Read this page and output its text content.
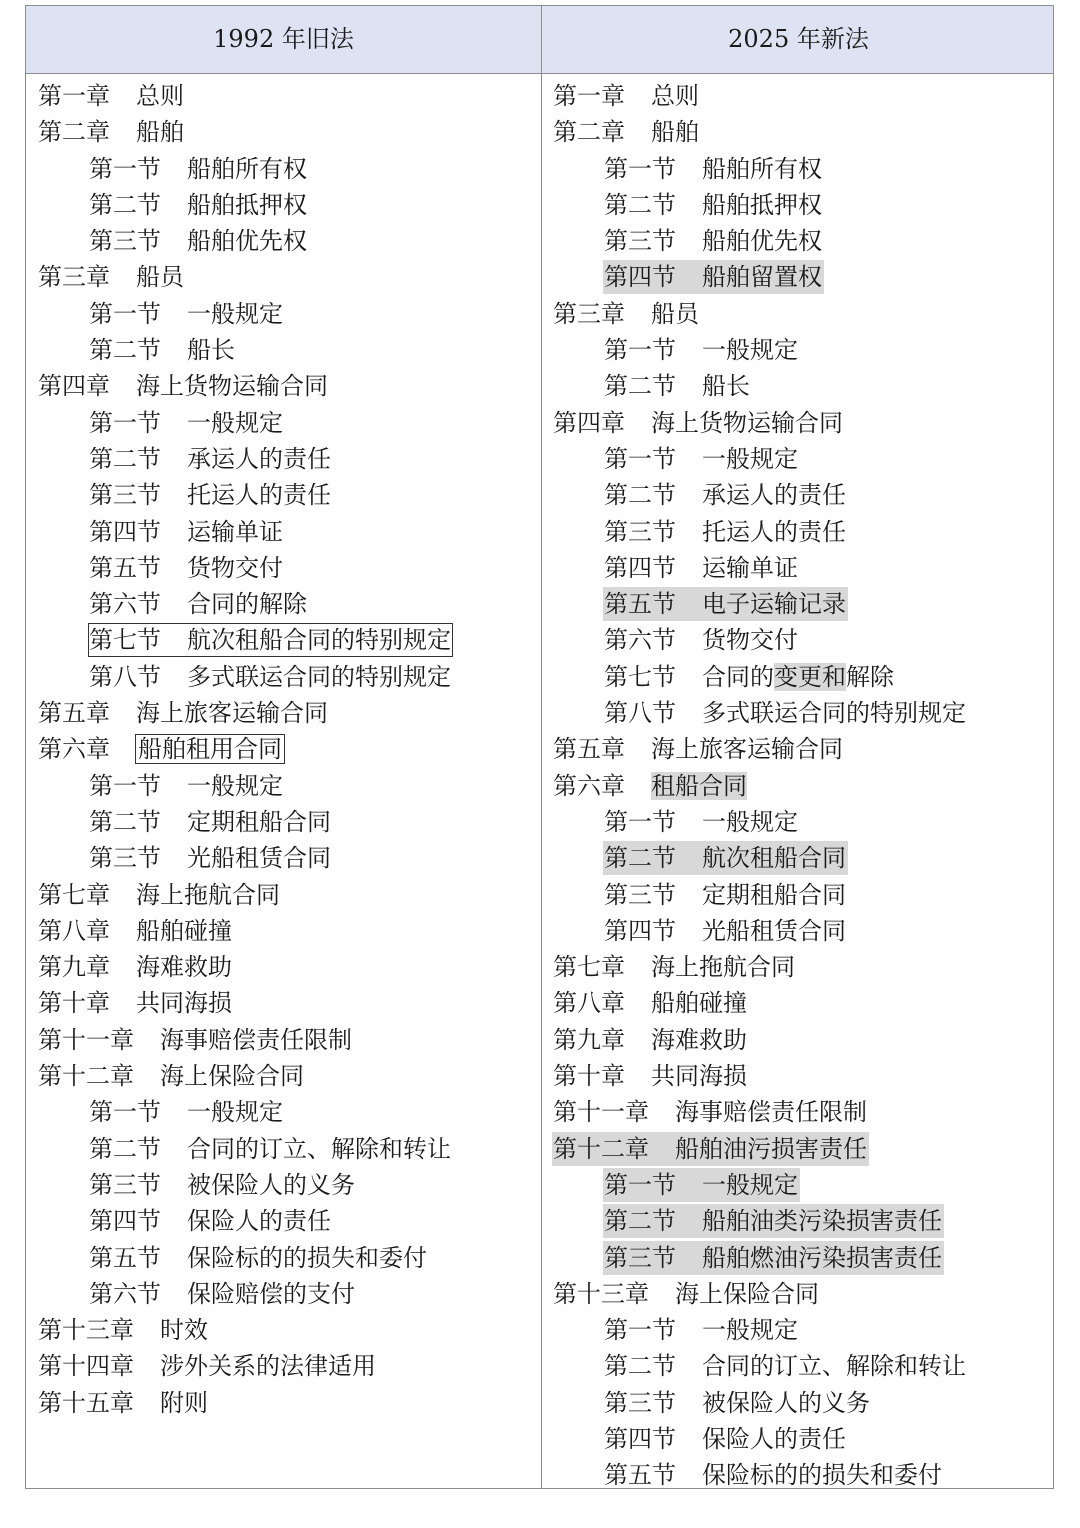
1992 年旧法	2025 年新法
第一章 总则
第二章 船舶
第一节 船舶所有权
第二节 船舶抵押权
第三节 船舶优先权
第三章 船员
第一节 一般规定
第二节 船长
第四章 海上货物运输合同
第一节 一般规定
第二节 承运人的责任
第三节 托运人的责任
第四节 运输单证
第五节 货物交付
第六节 合同的解除
第七节 航次租船合同的特别规定
第八节 多式联运合同的特别规定
第五章 海上旅客运输合同
第六章 船舶租用合同
第一节 一般规定
第二节 定期租船合同
第三节 光船租赁合同
第七章 海上拖航合同
第八章 船舶碰撞
第九章 海难救助
第十章 共同海损
第十一章 海事赔偿责任限制
第十二章 海上保险合同
第一节 一般规定
第二节 合同的订立、解除和转让
第三节 被保险人的义务
第四节 保险人的责任
第五节 保险标的的损失和委付
第六节 保险赔偿的支付
第十三章 时效
第十四章 涉外关系的法律适用
第十五章 附则
第一章 总则
第二章 船舶
第一节 船舶所有权
第二节 船舶抵押权
第三节 船舶优先权
第四节 船舶留置权
第三章 船员
第一节 一般规定
第二节 船长
第四章 海上货物运输合同
第一节 一般规定
第二节 承运人的责任
第三节 托运人的责任
第四节 运输单证
第五节 电子运输记录
第六节 货物交付
第七节 合同的变更和解除
第八节 多式联运合同的特别规定
第五章 海上旅客运输合同
第六章 租船合同
第一节 一般规定
第二节 航次租船合同
第三节 定期租船合同
第四节 光船租赁合同
第七章 海上拖航合同
第八章 船舶碰撞
第九章 海难救助
第十章 共同海损
第十一章 海事赔偿责任限制
第十二章 船舶油污损害责任
第一节 一般规定
第二节 船舶油类污染损害责任
第三节 船舶燃油污染损害责任
第十三章 海上保险合同
第一节 一般规定
第二节 合同的订立、解除和转让
第三节 被保险人的义务
第四节 保险人的责任
第五节 保险标的的损失和委付
